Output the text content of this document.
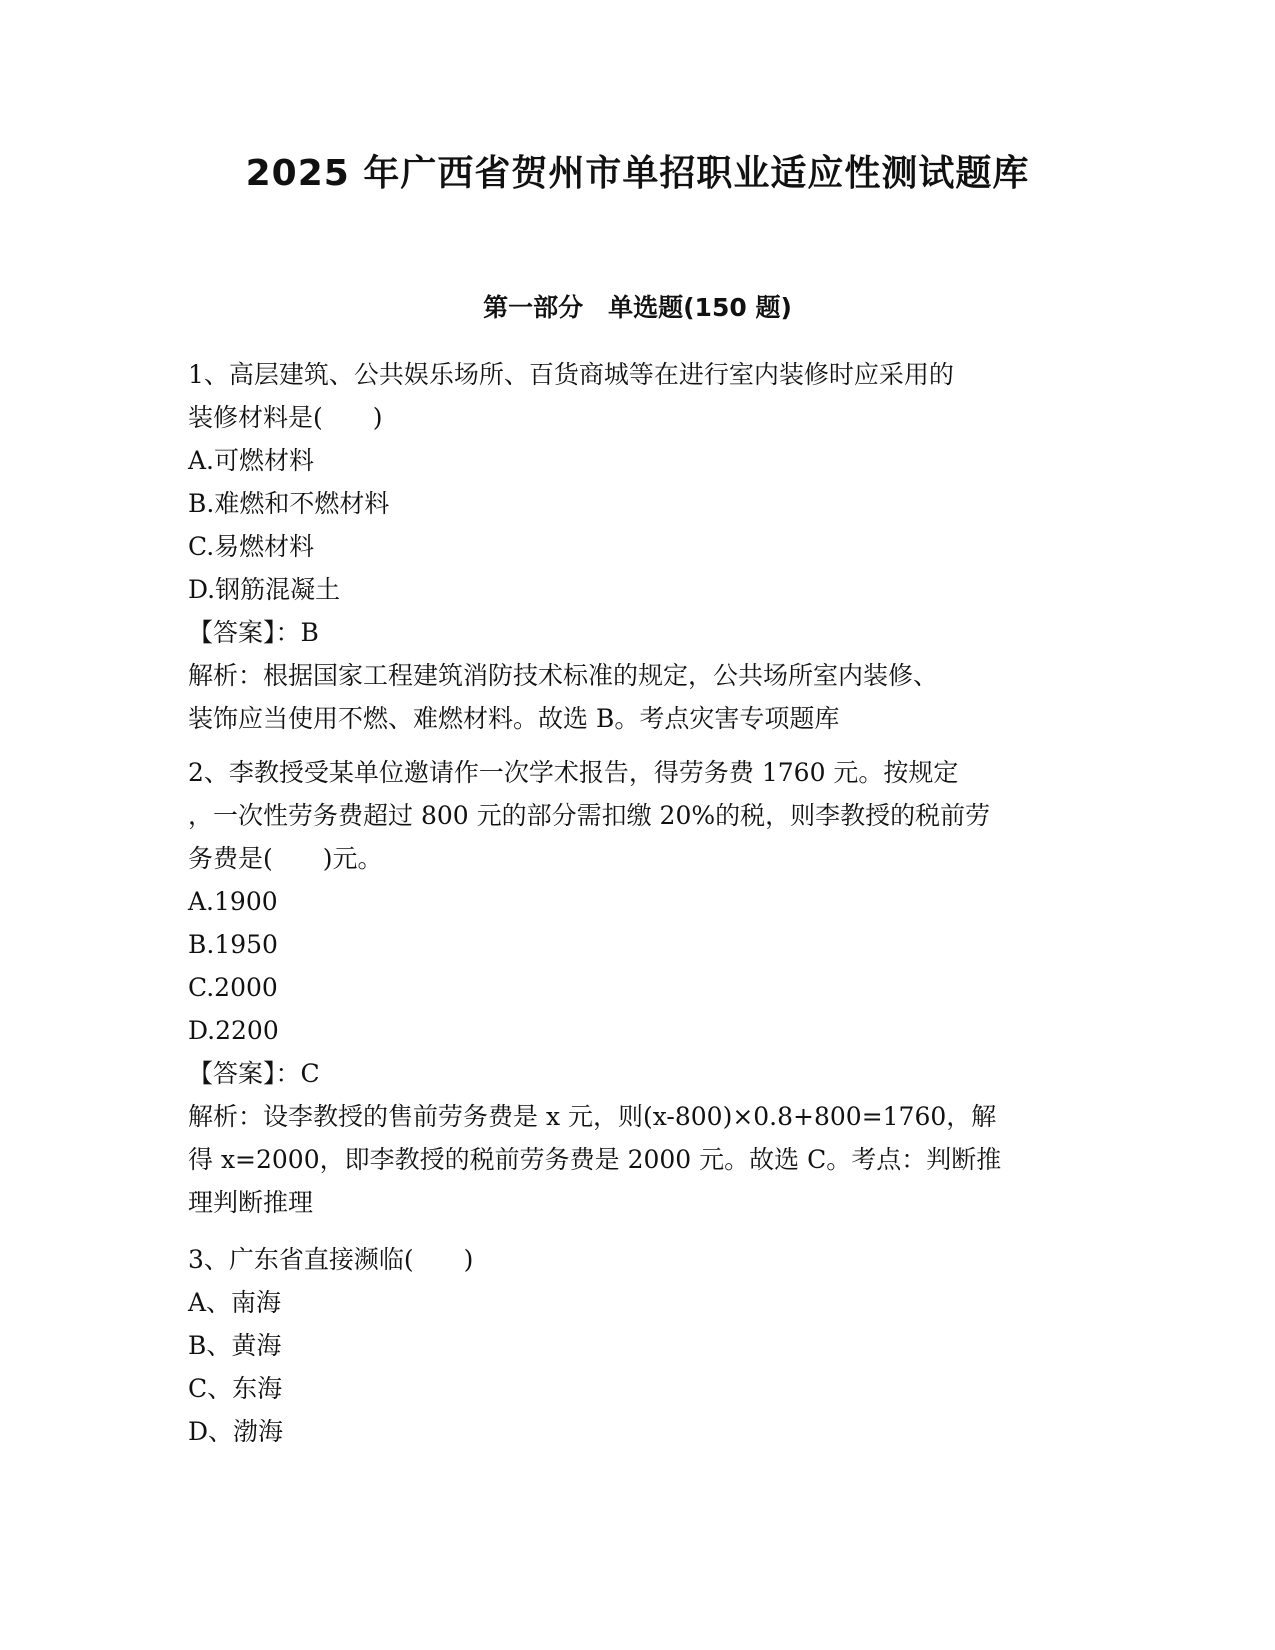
2025 年广西省贺州市单招职业适应性测试题库
第一部分　单选题(150 题)
1、高层建筑、公共娱乐场所、百货商城等在进行室内装修时应采用的
装修材料是(　　)
A.可燃材料
B.难燃和不燃材料
C.易燃材料
D.钢筋混凝土
【答案】：B
解析：根据国家工程建筑消防技术标准的规定，公共场所室内装修、
装饰应当使用不燃、难燃材料。故选 B。考点灾害专项题库
2、李教授受某单位邀请作一次学术报告，得劳务费 1760 元。按规定
，一次性劳务费超过 800 元的部分需扣缴 20%的税，则李教授的税前劳
务费是(　　)元。
A.1900
B.1950
C.2000
D.2200
【答案】：C
解析：设李教授的售前劳务费是 x 元，则(x-800)×0.8+800=1760，解
得 x=2000，即李教授的税前劳务费是 2000 元。故选 C。考点：判断推
理判断推理
3、广东省直接濒临(　　)
A、南海
B、黄海
C、东海
D、渤海
